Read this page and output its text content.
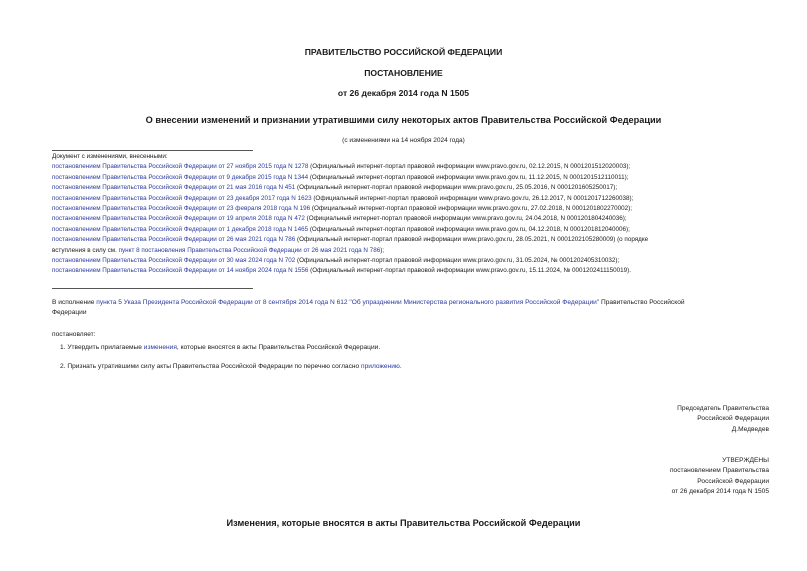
ПРАВИТЕЛЬСТВО РОССИЙСКОЙ ФЕДЕРАЦИИ
ПОСТАНОВЛЕНИЕ
от 26 декабря 2014 года N 1505
О внесении изменений и признании утратившими силу некоторых актов Правительства Российской Федерации
(с изменениями на 14 ноября 2024 года)
Документ с изменениями, внесенными:
постановлением Правительства Российской Федерации от 27 ноября 2015 года N 1278 (Официальный интернет-портал правовой информации www.pravo.gov.ru, 02.12.2015, N 0001201512020003);
постановлением Правительства Российской Федерации от 9 декабря 2015 года N 1344 (Официальный интернет-портал правовой информации www.pravo.gov.ru, 11.12.2015, N 0001201512110011);
постановлением Правительства Российской Федерации от 21 мая 2016 года N 451 (Официальный интернет-портал правовой информации www.pravo.gov.ru, 25.05.2016, N 0001201605250017);
постановлением Правительства Российской Федерации от 23 декабря 2017 года N 1623 (Официальный интернет-портал правовой информации www.pravo.gov.ru, 26.12.2017, N 0001201712260038);
постановлением Правительства Российской Федерации от 23 февраля 2018 года N 196 (Официальный интернет-портал правовой информации www.pravo.gov.ru, 27.02.2018, N 0001201802270002);
постановлением Правительства Российской Федерации от 19 апреля 2018 года N 472 (Официальный интернет-портал правовой информации www.pravo.gov.ru, 24.04.2018, N 0001201804240036);
постановлением Правительства Российской Федерации от 1 декабря 2018 года N 1465 (Официальный интернет-портал правовой информации www.pravo.gov.ru, 04.12.2018, N 0001201812040006);
постановлением Правительства Российской Федерации от 26 мая 2021 года N 786 (Официальный интернет-портал правовой информации www.pravo.gov.ru, 28.05.2021, N 0001202105280009) (о порядке
вступления в силу см. пункт 8 постановления Правительства Российской Федерации от 26 мая 2021 года N 786);
постановлением Правительства Российской Федерации от 30 мая 2024 года N 702 (Официальный интернет-портал правовой информации www.pravo.gov.ru, 31.05.2024, № 0001202405310032);
постановлением Правительства Российской Федерации от 14 ноября 2024 года N 1556 (Официальный интернет-портал правовой информации www.pravo.gov.ru, 15.11.2024, № 0001202411150019).
В исполнение пункта 5 Указа Президента Российской Федерации от 8 сентября 2014 года N 612 "Об упразднении Министерства регионального развития Российской Федерации" Правительство Российской
Федерации
постановляет:
1. Утвердить прилагаемые изменения, которые вносятся в акты Правительства Российской Федерации.
2. Признать утратившими силу акты Правительства Российской Федерации по перечню согласно приложению.
Председатель Правительства
Российской Федерации
Д.Медведев
УТВЕРЖДЕНЫ
постановлением Правительства
Российской Федерации
от 26 декабря 2014 года N 1505
Изменения, которые вносятся в акты Правительства Российской Федерации
